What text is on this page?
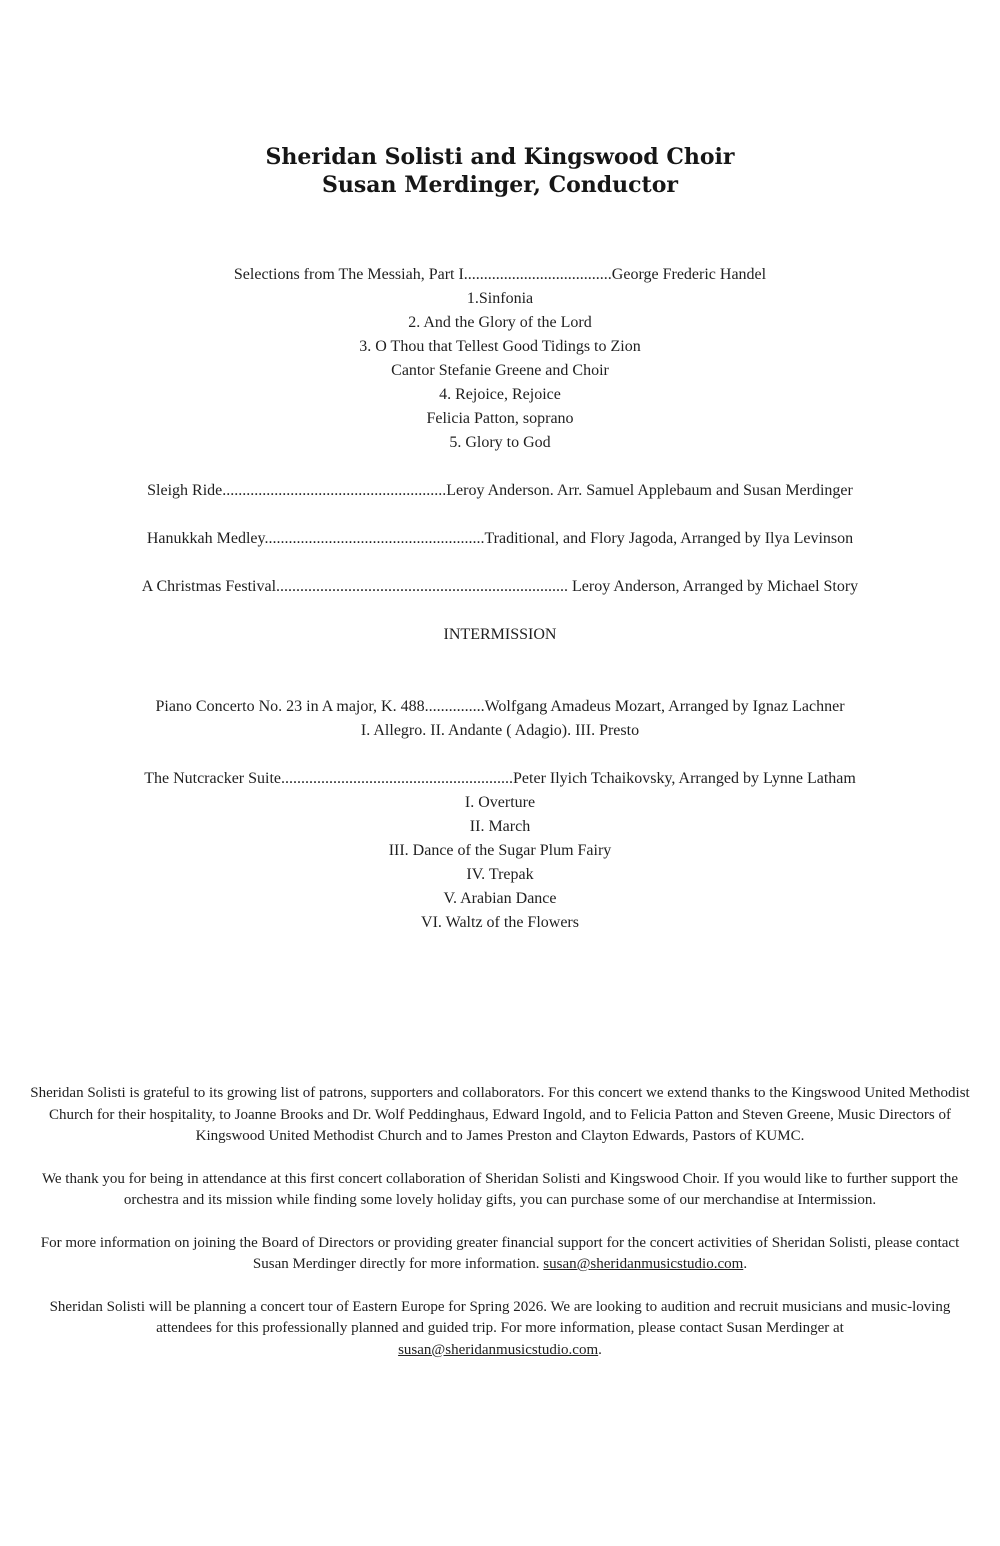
Sheridan Solisti and Kingswood Choir
Susan Merdinger, Conductor
Selections from The Messiah, Part I.....................................George Frederic Handel
1.Sinfonia
2. And the Glory of the Lord
3. O Thou that Tellest Good Tidings to Zion
Cantor Stefanie Greene and Choir
4. Rejoice, Rejoice
Felicia Patton, soprano
5. Glory to God
Sleigh Ride........................................................Leroy Anderson. Arr. Samuel Applebaum and Susan Merdinger
Hanukkah Medley.......................................................Traditional, and Flory Jagoda, Arranged by Ilya Levinson
A Christmas Festival......................................................................... Leroy Anderson, Arranged by Michael Story
INTERMISSION
Piano Concerto No. 23 in A major, K. 488...............Wolfgang Amadeus Mozart, Arranged by Ignaz Lachner
I. Allegro. II. Andante ( Adagio). III. Presto
The Nutcracker Suite..........................................................Peter Ilyich Tchaikovsky, Arranged by Lynne Latham
I. Overture
II. March
III. Dance of the Sugar Plum Fairy
IV. Trepak
V. Arabian Dance
VI. Waltz of the Flowers

Sheridan Solisti is grateful to its growing list of patrons, supporters and collaborators. For this concert we extend thanks to the Kingswood United Methodist Church for their hospitality, to Joanne Brooks and Dr. Wolf Peddinghaus, Edward Ingold, and to Felicia Patton and Steven Greene, Music Directors of Kingswood United Methodist Church and to James Preston and Clayton Edwards, Pastors of KUMC.

We thank you for being in attendance at this first concert collaboration of Sheridan Solisti and Kingswood Choir. If you would like to further support the orchestra and its mission while finding some lovely holiday gifts, you can purchase some of our merchandise at Intermission.

For more information on joining the Board of Directors or providing greater financial support for the concert activities of Sheridan Solisti, please contact Susan Merdinger directly for more information. susan@sheridanmusicstudio.com.

Sheridan Solisti will be planning a concert tour of Eastern Europe for Spring 2026. We are looking to audition and recruit musicians and music-loving attendees for this professionally planned and guided trip. For more information, please contact Susan Merdinger at
susan@sheridanmusicstudio.com.
